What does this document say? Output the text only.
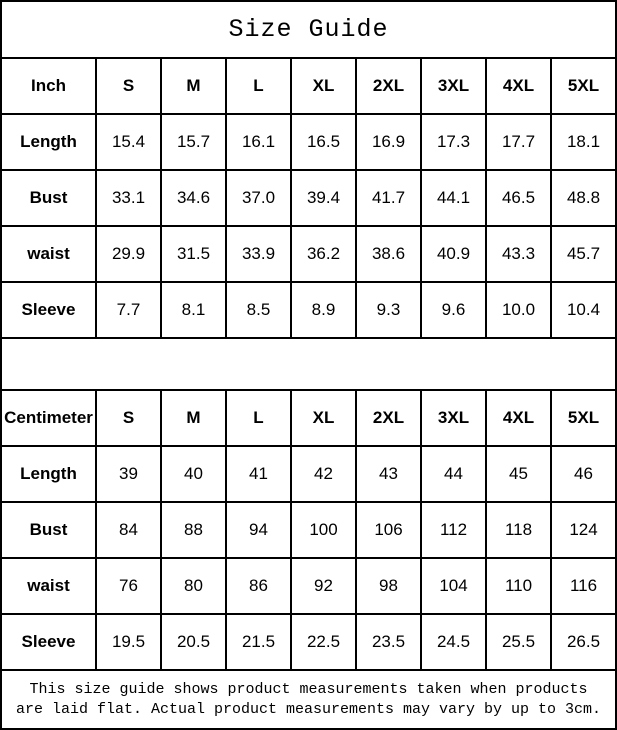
Size Guide
Inch	S	M	L	XL	2XL	3XL	4XL	5XL
Length	15.4	15.7	16.1	16.5	16.9	17.3	17.7	18.1
Bust	33.1	34.6	37.0	39.4	41.7	44.1	46.5	48.8
waist	29.9	31.5	33.9	36.2	38.6	40.9	43.3	45.7
Sleeve	7.7	8.1	8.5	8.9	9.3	9.6	10.0	10.4
Centimeter	S	M	L	XL	2XL	3XL	4XL	5XL
Length	39	40	41	42	43	44	45	46
Bust	84	88	94	100	106	112	118	124
waist	76	80	86	92	98	104	110	116
Sleeve	19.5	20.5	21.5	22.5	23.5	24.5	25.5	26.5
This size guide shows product measurements taken when products
are laid flat. Actual product measurements may vary by up to 3cm.
